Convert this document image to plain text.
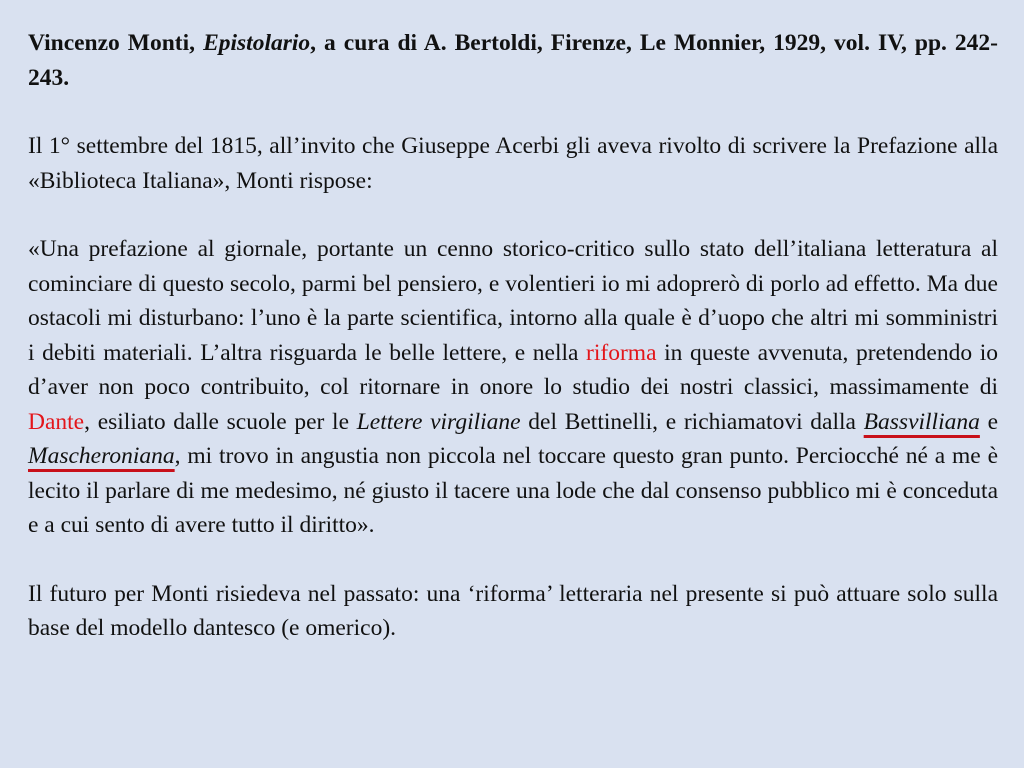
Vincenzo Monti, Epistolario, a cura di A. Bertoldi, Firenze, Le Monnier, 1929, vol. IV, pp. 242-243.

Il 1° settembre del 1815, all’invito che Giuseppe Acerbi gli aveva rivolto di scrivere la Prefazione alla «Biblioteca Italiana», Monti rispose:

«Una prefazione al giornale, portante un cenno storico-critico sullo stato dell’italiana letteratura al cominciare di questo secolo, parmi bel pensiero, e volentieri io mi adoprerò di porlo ad effetto. Ma due ostacoli mi disturbano: l’uno è la parte scientifica, intorno alla quale è d’uopo che altri mi somministri i debiti materiali. L’altra risguarda le belle lettere, e nella riforma in queste avvenuta, pretendendo io d’aver non poco contribuito, col ritornare in onore lo studio dei nostri classici, massimamente di Dante, esiliato dalle scuole per le Lettere virgiliane del Bettinelli, e richiamatovi dalla Bassvilliana e Mascheroniana, mi trovo in angustia non piccola nel toccare questo gran punto. Perciocché né a me è lecito il parlare di me medesimo, né giusto il tacere una lode che dal consenso pubblico mi è conceduta e a cui sento di avere tutto il diritto».

Il futuro per Monti risiedeva nel passato: una ‘riforma’ letteraria nel presente si può attuare solo sulla base del modello dantesco (e omerico).
